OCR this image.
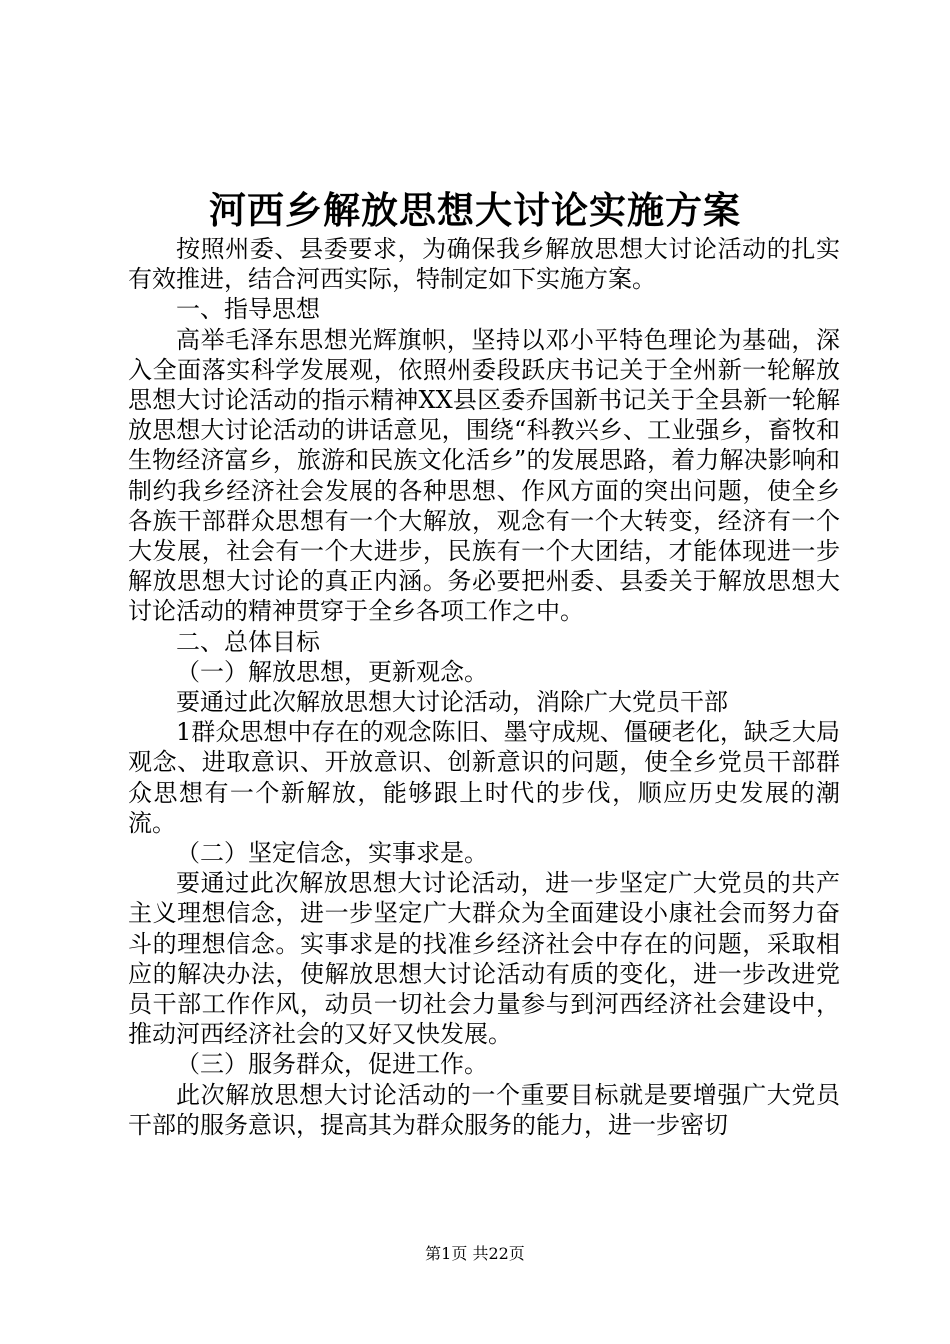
河西乡解放思想大讨论实施方案

按照州委、县委要求，为确保我乡解放思想大讨论活动的扎实有效推进，结合河西实际，特制定如下实施方案。

一、指导思想

高举毛泽东思想光辉旗帜，坚持以邓小平特色理论为基础，深入全面落实科学发展观，依照州委段跃庆书记关于全州新一轮解放思想大讨论活动的指示精神XX县区委乔国新书记关于全县新一轮解放思想大讨论活动的讲话意见，围绕“科教兴乡、工业强乡，畜牧和生物经济富乡，旅游和民族文化活乡”的发展思路，着力解决影响和制约我乡经济社会发展的各种思想、作风方面的突出问题，使全乡各族干部群众思想有一个大解放，观念有一个大转变，经济有一个大发展，社会有一个大进步，民族有一个大团结，才能体现进一步解放思想大讨论的真正内涵。务必要把州委、县委关于解放思想大讨论活动的精神贯穿于全乡各项工作之中。

二、总体目标

（一）解放思想，更新观念。

要通过此次解放思想大讨论活动，消除广大党员干部

1群众思想中存在的观念陈旧、墨守成规、僵硬老化，缺乏大局观念、进取意识、开放意识、创新意识的问题，使全乡党员干部群众思想有一个新解放，能够跟上时代的步伐，顺应历史发展的潮流。

（二）坚定信念，实事求是。

要通过此次解放思想大讨论活动，进一步坚定广大党员的共产主义理想信念，进一步坚定广大群众为全面建设小康社会而努力奋斗的理想信念。实事求是的找准乡经济社会中存在的问题，采取相应的解决办法，使解放思想大讨论活动有质的变化，进一步改进党员干部工作作风，动员一切社会力量参与到河西经济社会建设中，推动河西经济社会的又好又快发展。

（三）服务群众，促进工作。

此次解放思想大讨论活动的一个重要目标就是要增强广大党员干部的服务意识，提高其为群众服务的能力，进一步密切

第1页 共22页
